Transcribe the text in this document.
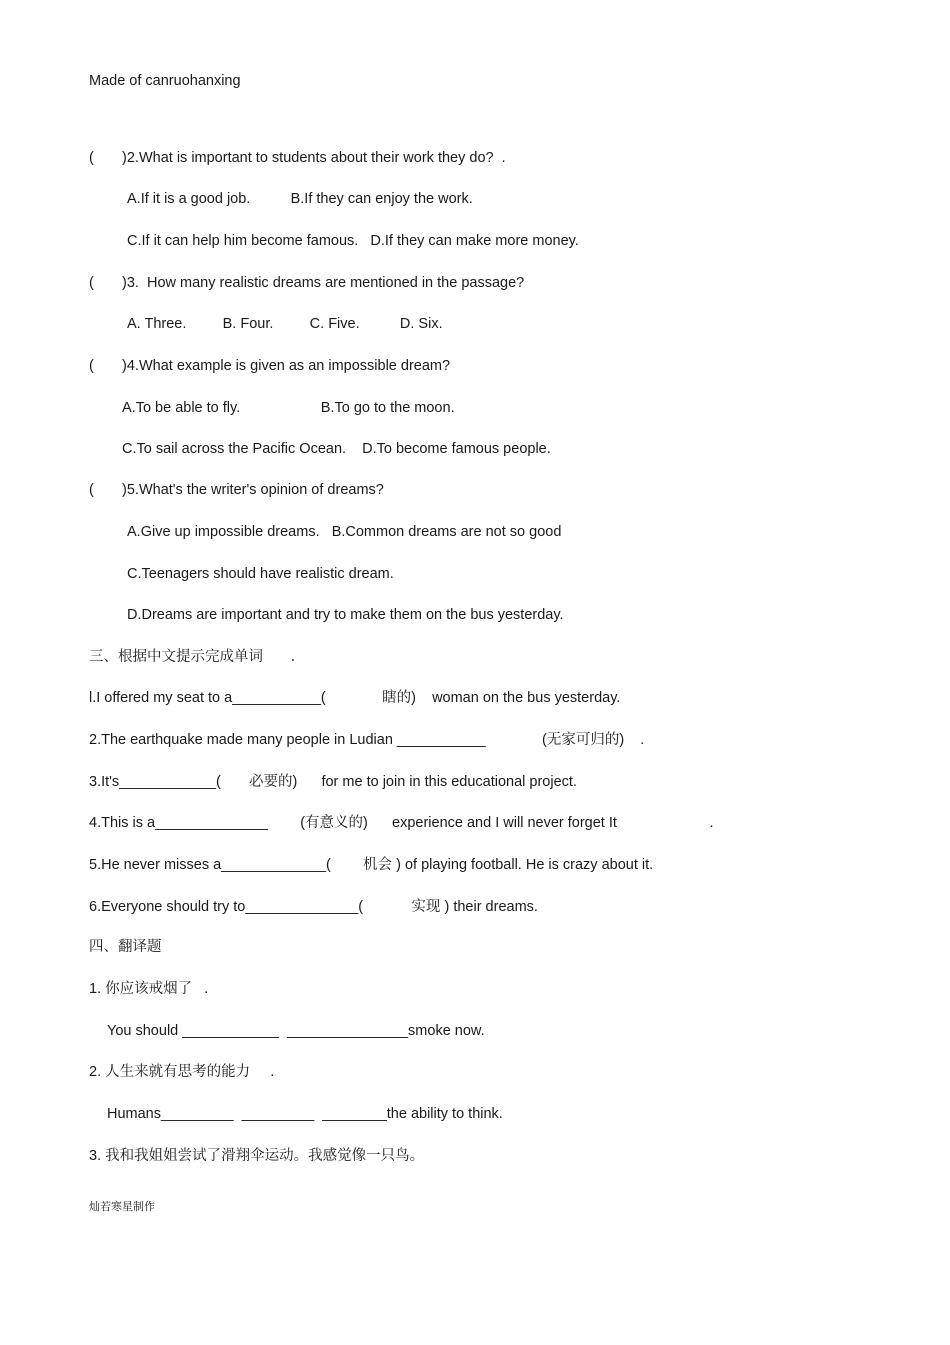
Made of canruohanxing
(       )2.What is important to students about their work they do?  .
A.If it is a good job.          B.If they can enjoy the work.
C.If it can help him become famous.   D.If they can make more money.
(       )3.  How many realistic dreams are mentioned in the passage?
A. Three.         B. Four.         C. Five.          D. Six.
(       )4.What example is given as an impossible dream?
A.To be able to fly.                    B.To go to the moon.
C.To sail across the Pacific Ocean.    D.To become famous people.
(       )5.What's the writer's opinion of dreams?
A.Give up impossible dreams.   B.Common dreams are not so good
C.Teenagers should have realistic dream.
D.Dreams are important and try to make them on the bus yesterday.
三、根据中文提示完成单词      .
l.I offered my seat to a___________(              瞎的)    woman on the bus yesterday.
2.The earthquake made many people in Ludian ___________              (无家可归的)    .
3.It's____________(       必要的)      for me to join in this educational project.
4.This is a______________        (有意义的)      experience and I will never forget It                       .
5.He never misses a_____________(        机会 ) of playing football. He is crazy about it.
6.Everyone should try to______________(            实现 ) their dreams.
四、翻译题
1. 你应该戒烟了   .
You should ____________  _______________smoke now.
2. 人生来就有思考的能力     .
Humans_________  _________  ________the ability to think.
3. 我和我姐姐尝试了滑翔伞运动。我感觉像一只鸟。
灿若寒星制作
